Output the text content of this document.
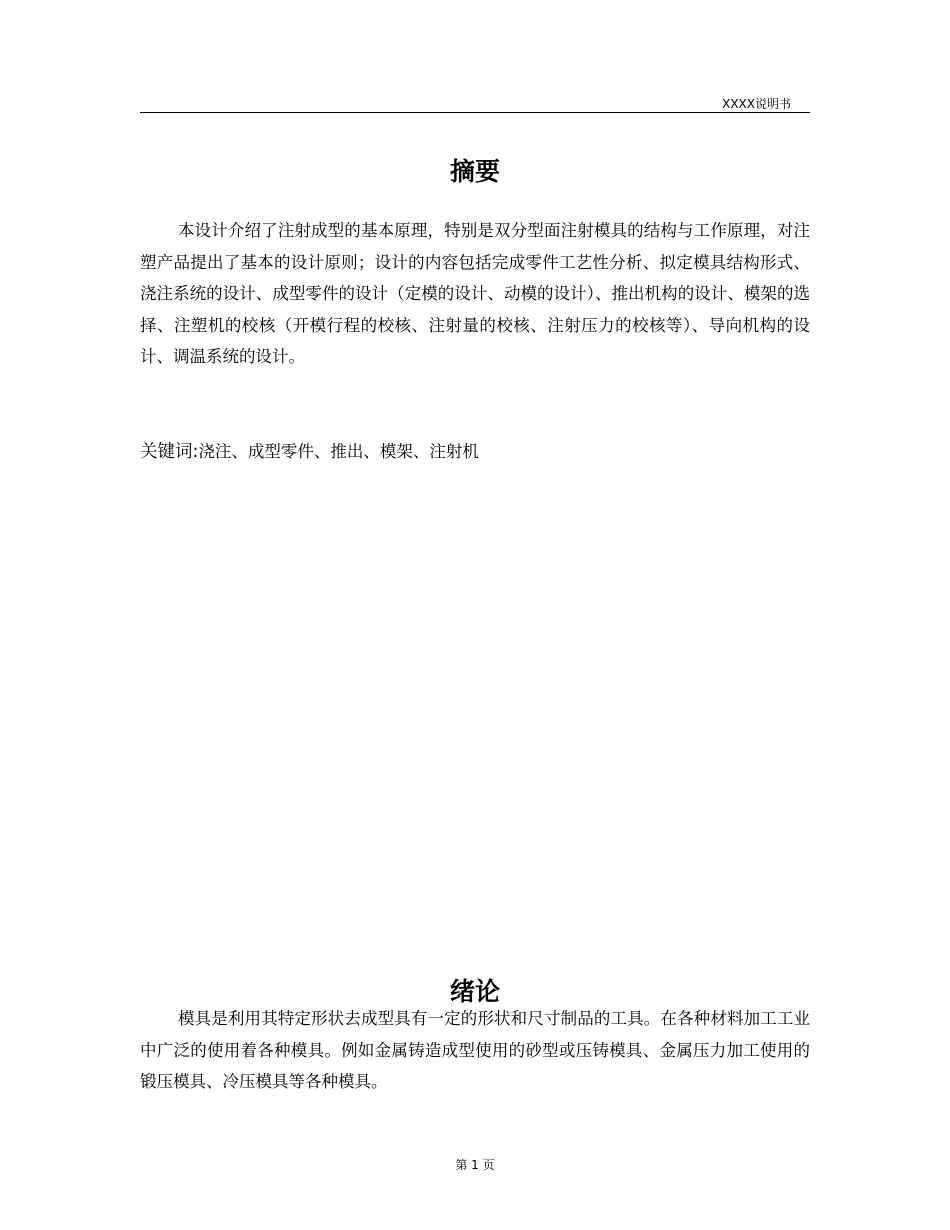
XXXX说明书
摘要

本设计介绍了注射成型的基本原理，特别是双分型面注射模具的结构与工作原理，对注塑产品提出了基本的设计原则；设计的内容包括完成零件工艺性分析、拟定模具结构形式、浇注系统的设计、成型零件的设计（定模的设计、动模的设计）、推出机构的设计、模架的选择、注塑机的校核（开模行程的校核、注射量的校核、注射压力的校核等）、导向机构的设计、调温系统的设计。

关键词:浇注、成型零件、推出、模架、注射机
绪论

模具是利用其特定形状去成型具有一定的形状和尺寸制品的工具。在各种材料加工工业中广泛的使用着各种模具。例如金属铸造成型使用的砂型或压铸模具、金属压力加工使用的锻压模具、冷压模具等各种模具。

第 1 页
